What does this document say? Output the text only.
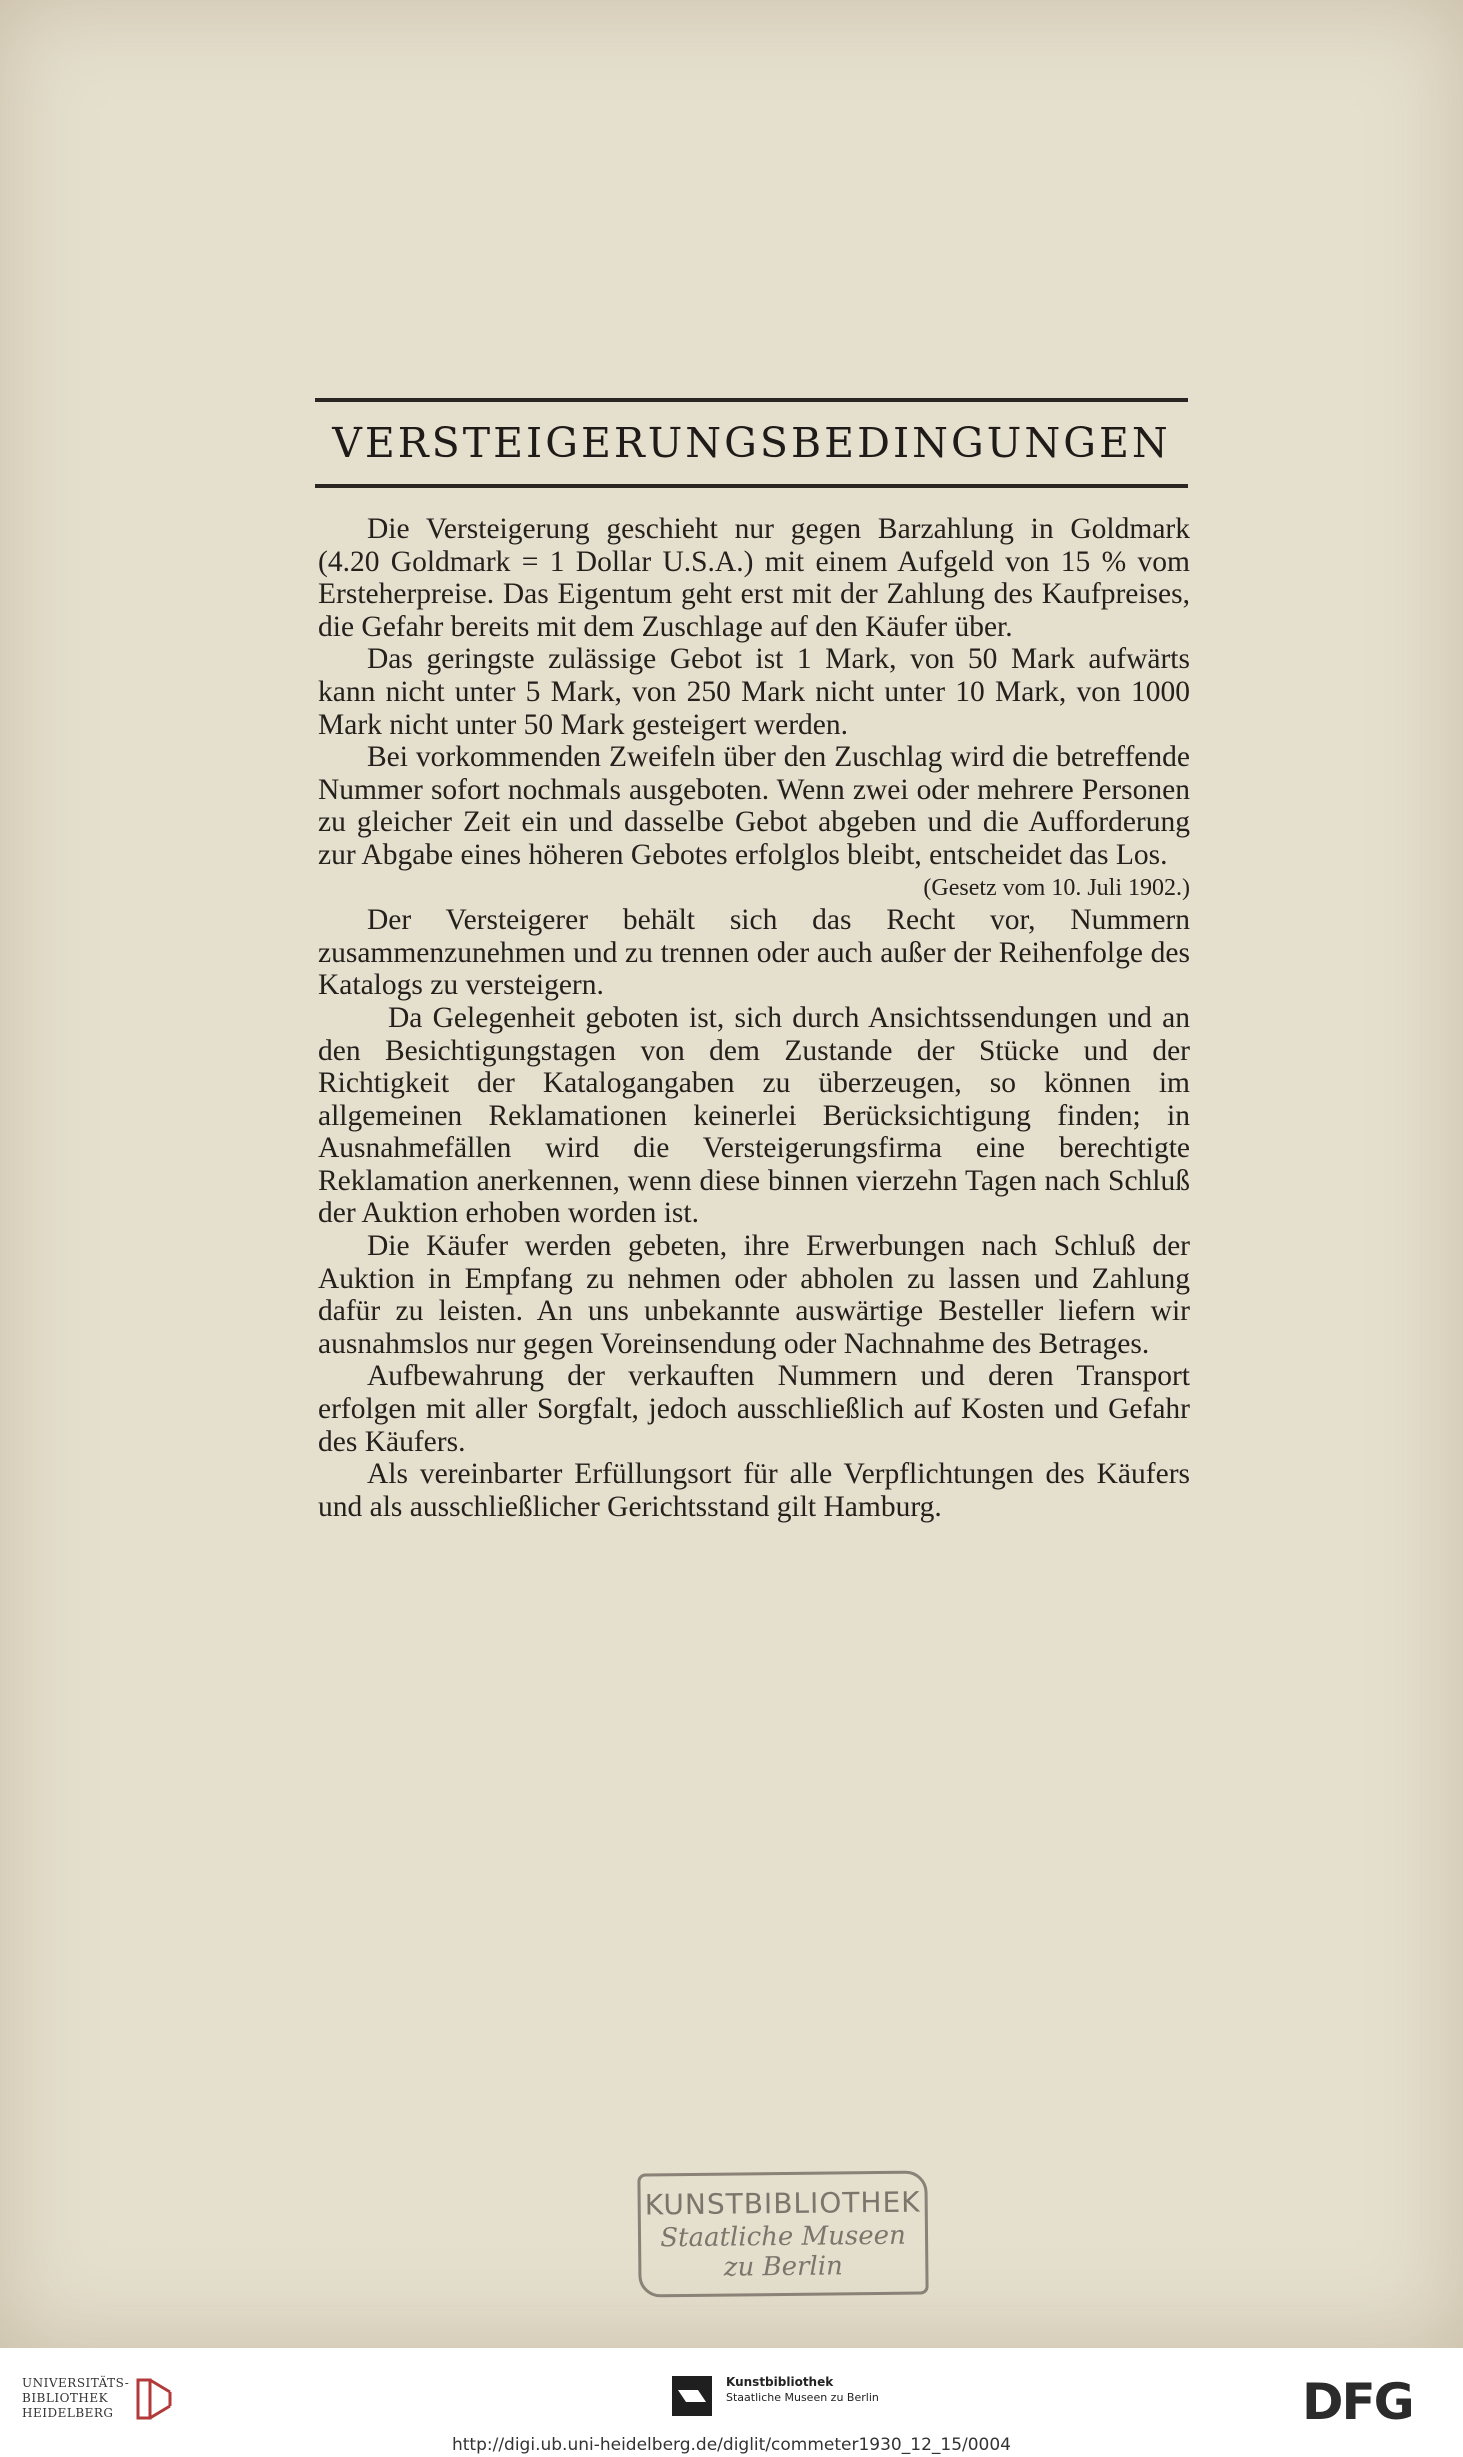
VERSTEIGERUNGSBEDINGUNGEN

Die Versteigerung geschieht nur gegen Barzahlung in Goldmark (4.20 Goldmark = 1 Dollar U.S.A.) mit einem Aufgeld von 15 % vom Ersteherpreise. Das Eigentum geht erst mit der Zahlung des Kaufpreises, die Gefahr bereits mit dem Zuschlage auf den Käufer über.

Das geringste zulässige Gebot ist 1 Mark, von 50 Mark aufwärts kann nicht unter 5 Mark, von 250 Mark nicht unter 10 Mark, von 1000 Mark nicht unter 50 Mark gesteigert werden.

Bei vorkommenden Zweifeln über den Zuschlag wird die betreffende Nummer sofort nochmals ausgeboten. Wenn zwei oder mehrere Personen zu gleicher Zeit ein und dasselbe Gebot abgeben und die Aufforderung zur Abgabe eines höheren Gebotes erfolglos bleibt, entscheidet das Los.

(Gesetz vom 10. Juli 1902.)

Der Versteigerer behält sich das Recht vor, Nummern zusammenzunehmen und zu trennen oder auch außer der Reihenfolge des Katalogs zu versteigern.

Da Gelegenheit geboten ist, sich durch Ansichtssendungen und an den Besichtigungstagen von dem Zustande der Stücke und der Richtigkeit der Katalogangaben zu überzeugen, so können im allgemeinen Reklamationen keinerlei Berücksichtigung finden; in Ausnahmefällen wird die Versteigerungsfirma eine berechtigte Reklamation anerkennen, wenn diese binnen vierzehn Tagen nach Schluß der Auktion erhoben worden ist.

Die Käufer werden gebeten, ihre Erwerbungen nach Schluß der Auktion in Empfang zu nehmen oder abholen zu lassen und Zahlung dafür zu leisten. An uns unbekannte auswärtige Besteller liefern wir ausnahmslos nur gegen Voreinsendung oder Nachnahme des Betrages.

Aufbewahrung der verkauften Nummern und deren Transport erfolgen mit aller Sorgfalt, jedoch ausschließlich auf Kosten und Gefahr des Käufers.

Als vereinbarter Erfüllungsort für alle Verpflichtungen des Käufers und als ausschließlicher Gerichtsstand gilt Hamburg.

KUNSTBIBLIOTHEK
Staatliche Museen
zu Berlin
UNIVERSITÄTS-
BIBLIOTHEK
HEIDELBERG
Kunstbibliothek
Staatliche Museen zu Berlin	DFG
http://digi.ub.uni-heidelberg.de/diglit/commeter1930_12_15/0004
